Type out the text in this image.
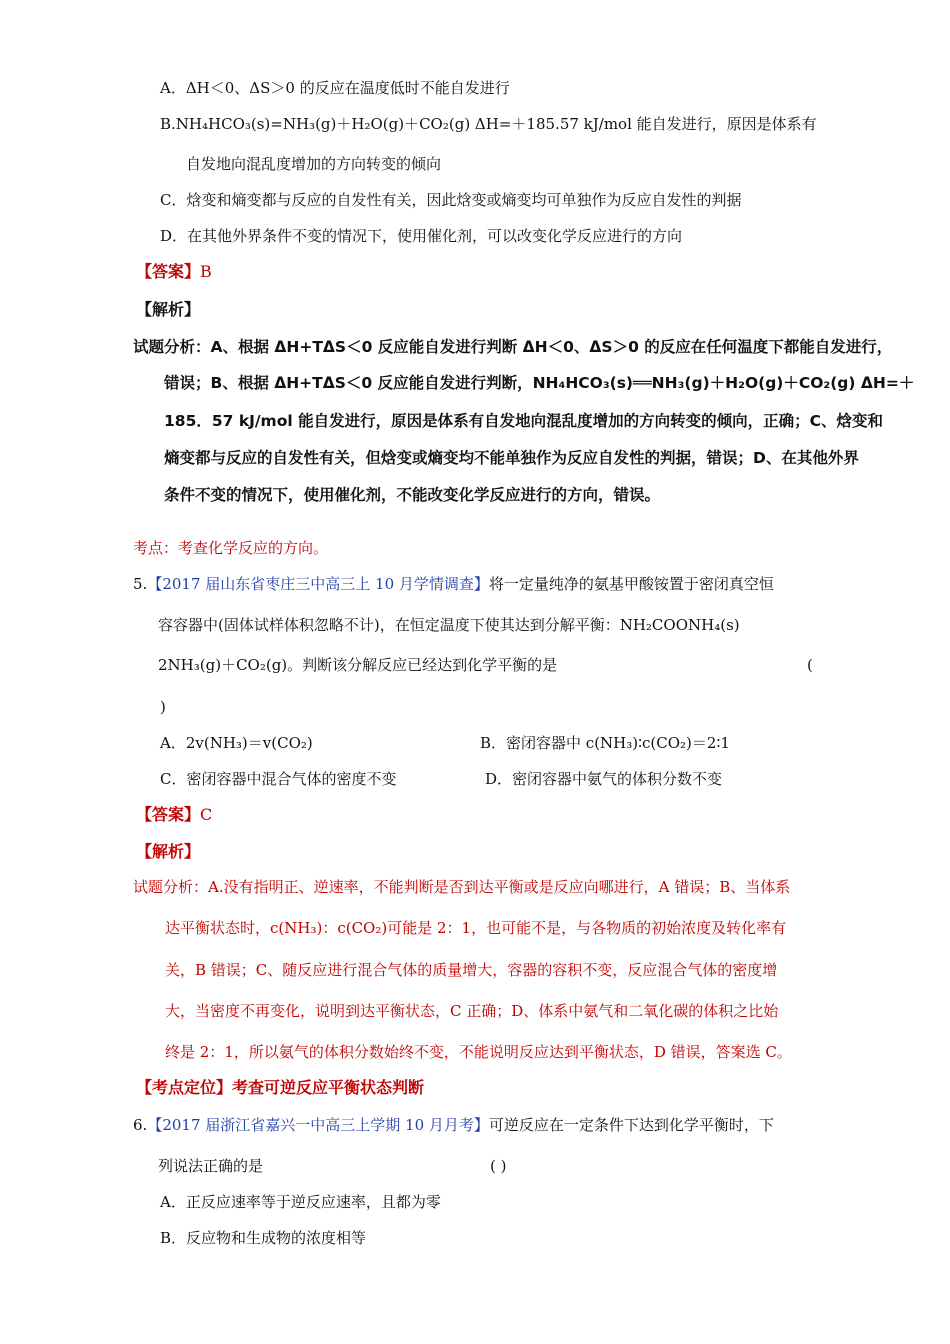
A．ΔH＜0、ΔS＞0 的反应在温度低时不能自发进行
B.NH₄HCO₃(s)=NH₃(g)＋H₂O(g)＋CO₂(g) ΔH=＋185.57 kJ/mol 能自发进行，原因是体系有
自发地向混乱度增加的方向转变的倾向
C．焓变和熵变都与反应的自发性有关，因此焓变或熵变均可单独作为反应自发性的判据
D．在其他外界条件不变的情况下，使用催化剂，可以改变化学反应进行的方向
【答案】B
【解析】
试题分析：A、根据 ΔH+TΔS＜0 反应能自发进行判断 ΔH＜0、ΔS＞0 的反应在任何温度下都能自发进行，
错误；B、根据 ΔH+TΔS＜0 反应能自发进行判断，NH₄HCO₃(s)══NH₃(g)＋H₂O(g)＋CO₂(g) ΔH=＋
185．57 kJ/mol 能自发进行，原因是体系有自发地向混乱度增加的方向转变的倾向，正确；C、焓变和
熵变都与反应的自发性有关，但焓变或熵变均不能单独作为反应自发性的判据，错误；D、在其他外界
条件不变的情况下，使用催化剂，不能改变化学反应进行的方向，错误。
考点：考查化学反应的方向。
5.【2017 届山东省枣庄三中高三上 10 月学情调查】将一定量纯净的氨基甲酸铵置于密闭真空恒
容容器中(固体试样体积忽略不计)，在恒定温度下使其达到分解平衡：NH₂COONH₄(s)
2NH₃(g)＋CO₂(g)。判断该分解反应已经达到化学平衡的是	(
)
A．2v(NH₃)＝v(CO₂)	B．密闭容器中 c(NH₃)∶c(CO₂)＝2∶1
C．密闭容器中混合气体的密度不变	D．密闭容器中氨气的体积分数不变
【答案】C
【解析】
试题分析：A.没有指明正、逆速率，不能判断是否到达平衡或是反应向哪进行，A 错误；B、当体系
达平衡状态时，c(NH₃)：c(CO₂)可能是 2：1，也可能不是，与各物质的初始浓度及转化率有
关，B 错误；C、随反应进行混合气体的质量增大，容器的容积不变，反应混合气体的密度增
大，当密度不再变化，说明到达平衡状态，C 正确；D、体系中氨气和二氧化碳的体积之比始
终是 2：1，所以氨气的体积分数始终不变，不能说明反应达到平衡状态，D 错误，答案选 C。
【考点定位】考查可逆反应平衡状态判断
6.【2017 届浙江省嘉兴一中高三上学期 10 月月考】可逆反应在一定条件下达到化学平衡时，下
列说法正确的是	( )
A．正反应速率等于逆反应速率，且都为零
B．反应物和生成物的浓度相等
